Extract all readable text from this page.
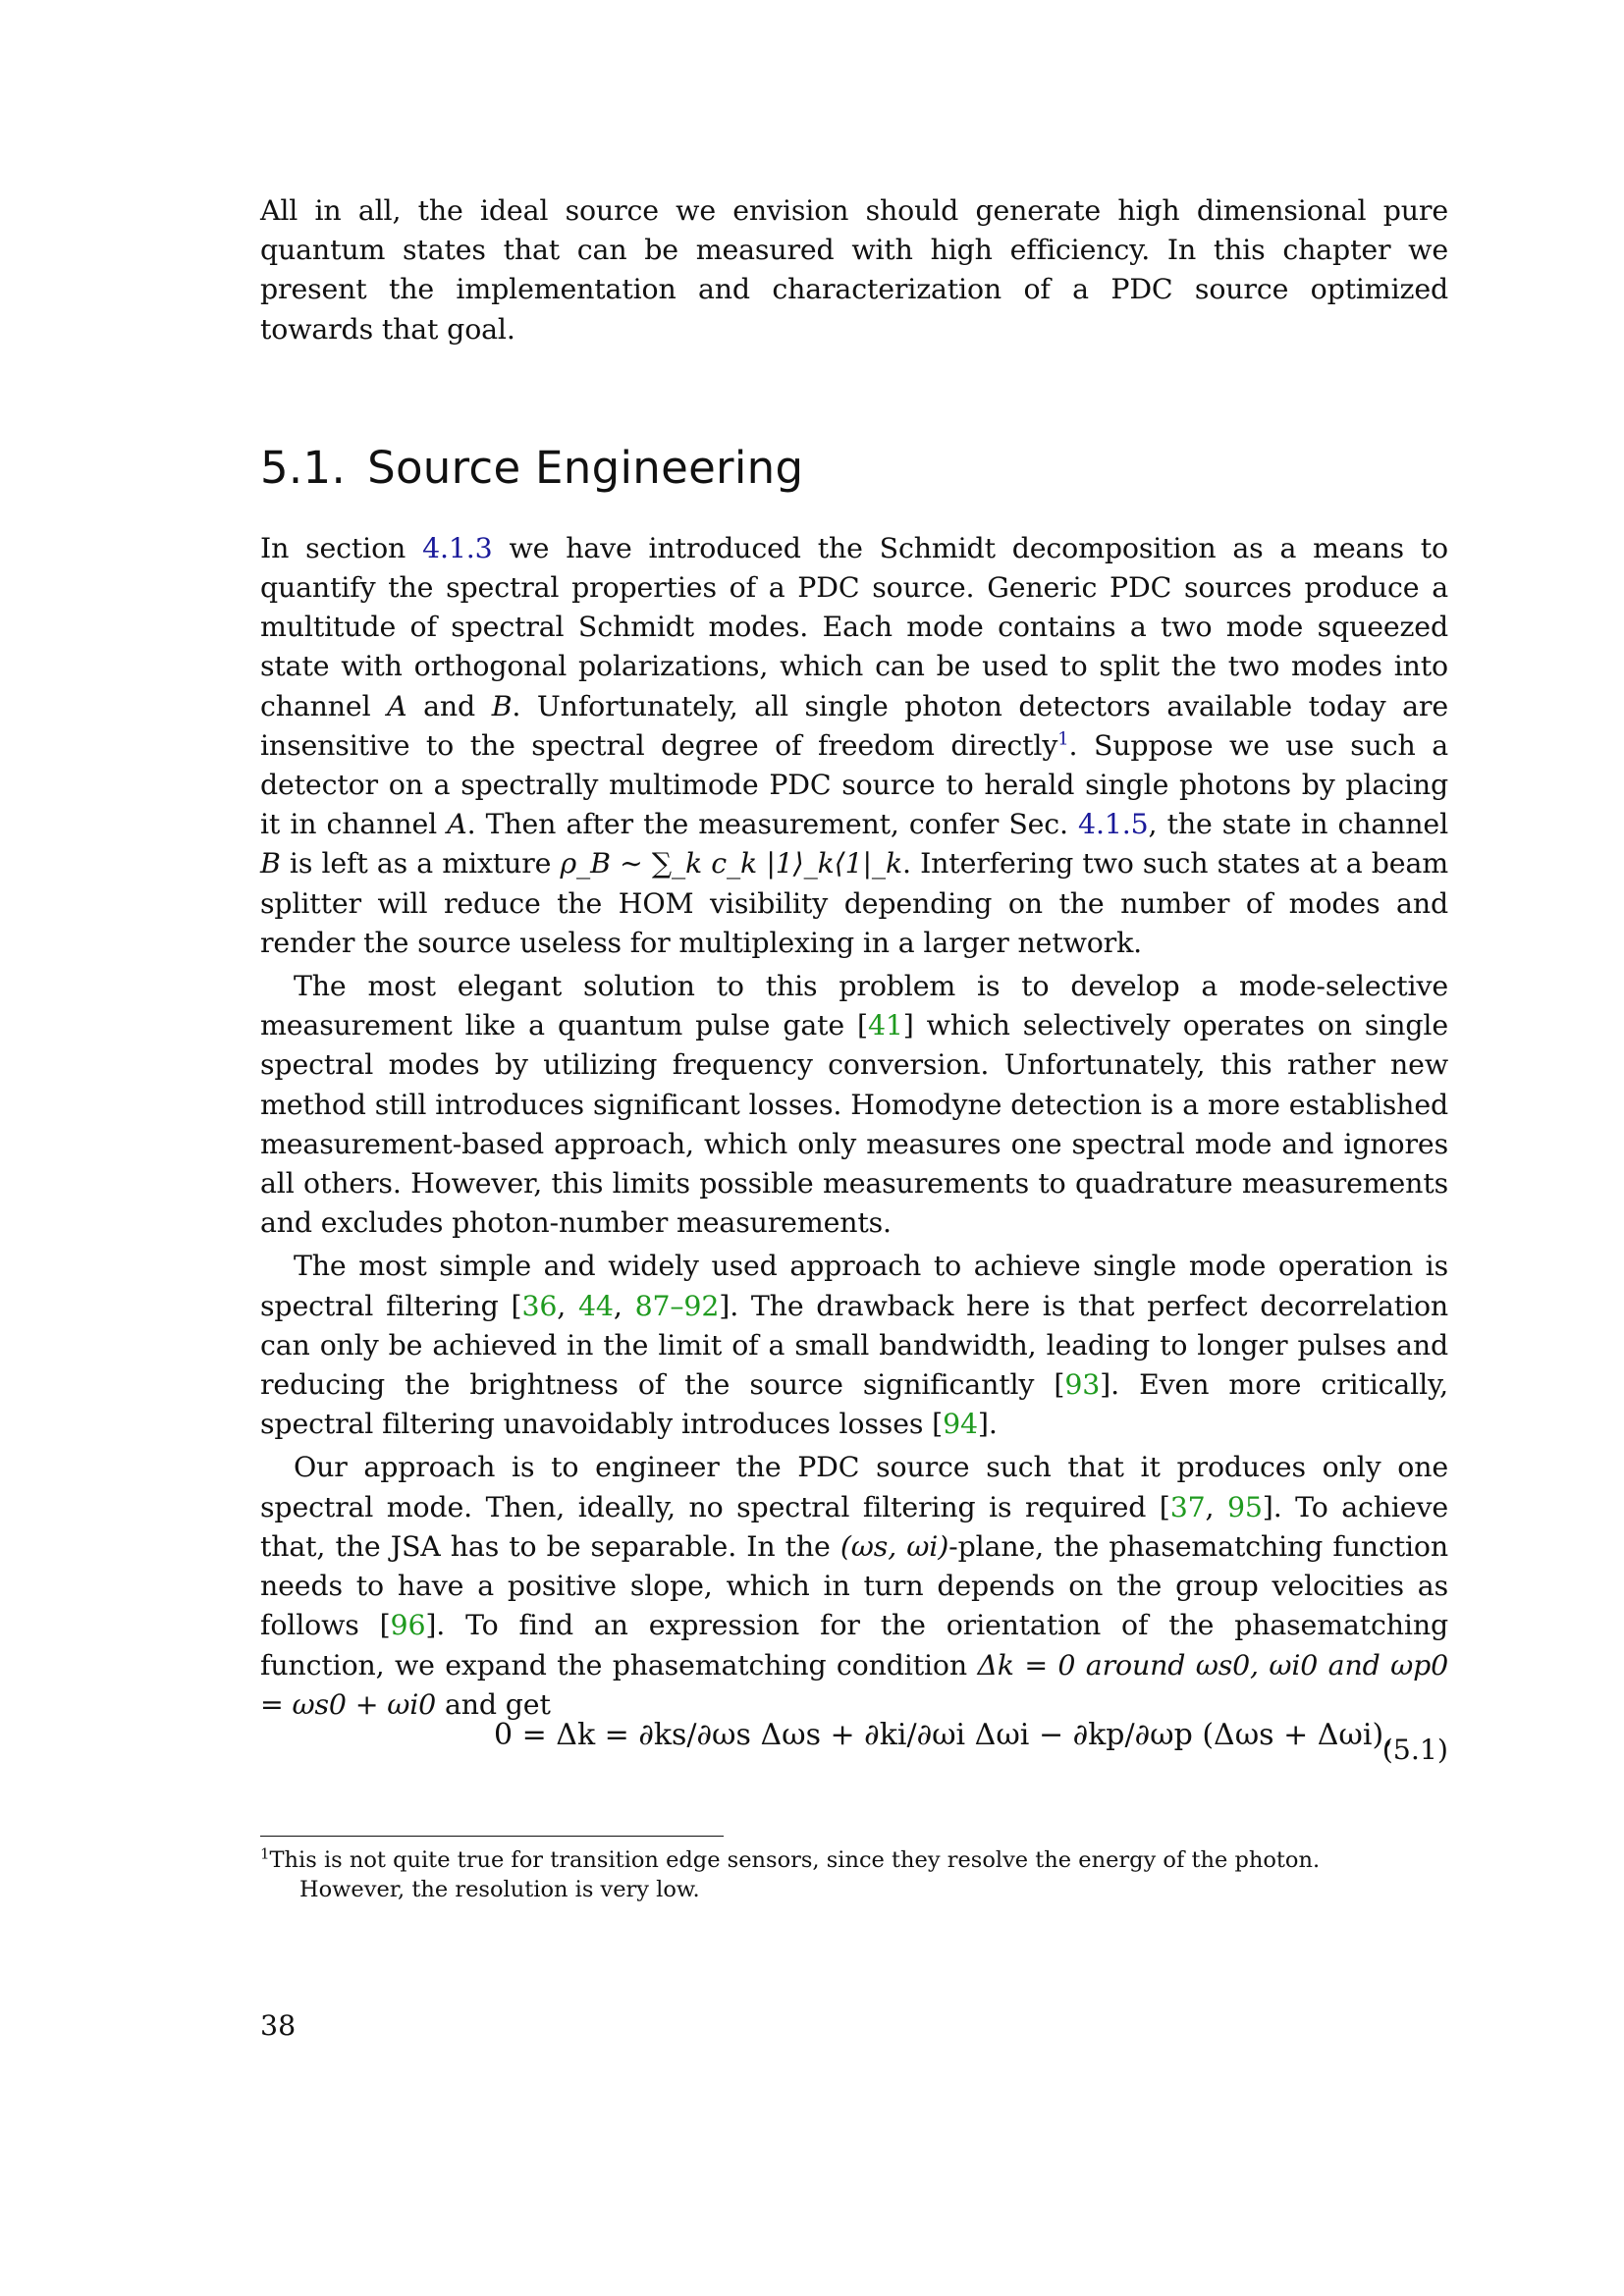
All in all, the ideal source we envision should generate high dimensional pure quantum states that can be measured with high efficiency. In this chapter we present the implementation and characterization of a PDC source optimized towards that goal.

5.1. Source Engineering

In section 4.1.3 we have introduced the Schmidt decomposition as a means to quantify the spectral properties of a PDC source. Generic PDC sources produce a multitude of spectral Schmidt modes. Each mode contains a two mode squeezed state with orthogonal polarizations, which can be used to split the two modes into channel A and B. Unfortunately, all single photon detectors available today are insensitive to the spectral degree of freedom directly$^1$. Suppose we use such a detector on a spectrally multimode PDC source to herald single photons by placing it in channel A. Then after the measurement, confer Sec. 4.1.5, the state in channel B is left as a mixture ρ_B ∼ ∑_k c_k |1⟩_k⟨1|_k. Interfering two such states at a beam splitter will reduce the HOM visibility depending on the number of modes and render the source useless for multiplexing in a larger network.

The most elegant solution to this problem is to develop a mode-selective measurement like a quantum pulse gate [41] which selectively operates on single spectral modes by utilizing frequency conversion. Unfortunately, this rather new method still introduces significant losses. Homodyne detection is a more established measurement-based approach, which only measures one spectral mode and ignores all others. However, this limits possible measurements to quadrature measurements and excludes photon-number measurements.

The most simple and widely used approach to achieve single mode operation is spectral filtering [36, 44, 87–92]. The drawback here is that perfect decorrelation can only be achieved in the limit of a small bandwidth, leading to longer pulses and reducing the brightness of the source significantly [93]. Even more critically, spectral filtering unavoidably introduces losses [94].

Our approach is to engineer the PDC source such that it produces only one spectral mode. Then, ideally, no spectral filtering is required [37, 95]. To achieve that, the JSA has to be separable. In the (ωs, ωi)-plane, the phasematching function needs to have a positive slope, which in turn depends on the group velocities as follows [96]. To find an expression for the orientation of the phasematching function, we expand the phasematching condition Δk = 0 around ωs0, ωi0 and ωp0 = ωs0 + ωi0 and get

0 = Δk = ∂ks/∂ωs Δωs + ∂ki/∂ωi Δωi − ∂kp/∂ωp (Δωs + Δωi),
(5.1)
$^1$This is not quite true for transition edge sensors, since they resolve the energy of the photon.
However, the resolution is very low.
38
